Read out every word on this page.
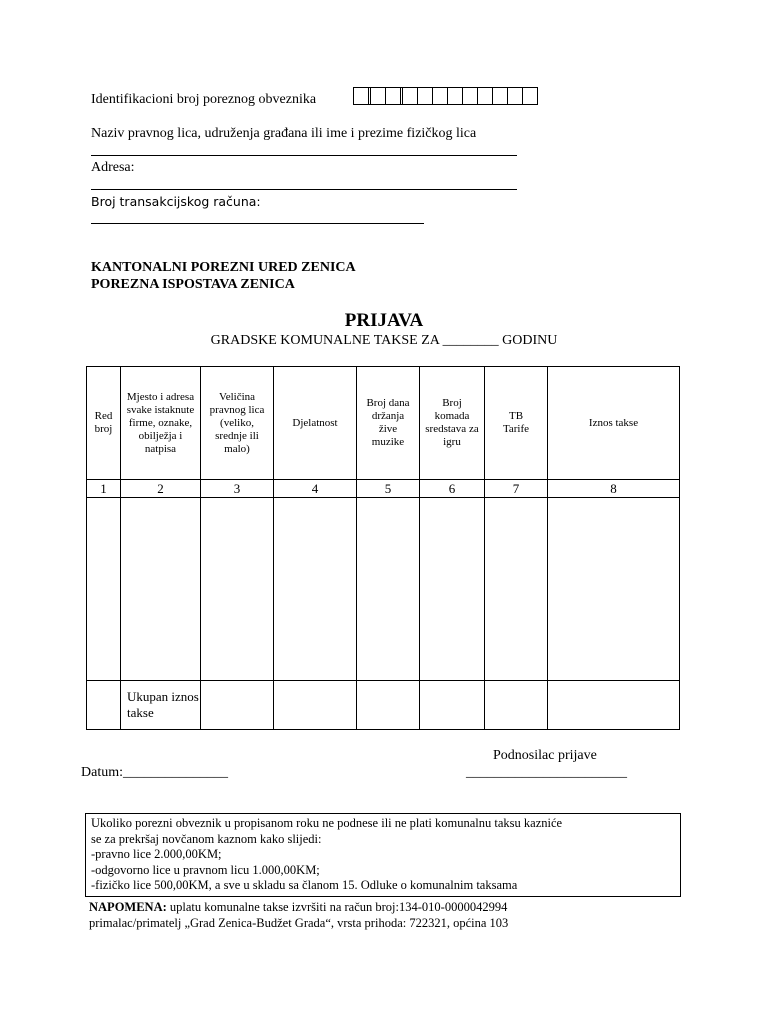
Identifikacioni broj poreznog obveznika
Naziv pravnog lica, udruženja građana ili ime i prezime fizičkog lica
Adresa:
Broj transakcijskog računa:
KANTONALNI POREZNI URED ZENICA
POREZNA ISPOSTAVA ZENICA
PRIJAVA
GRADSKE KOMUNALNE TAKSE ZA ________ GODINU
Red broj	Mjesto i adresa svake istaknute firme, oznake, obilježja i natpisa	Veličina pravnog lica (veliko, srednje ili malo)	Djelatnost	Broj dana držanja žive muzike	Broj komada sredstava za igru	TB Tarife	Iznos takse
1	2	3	4	5	6	7	8

	Ukupan iznos takse						
Podnosilac prijave
Datum:_______________	_______________________
Ukoliko porezni obveznik u propisanom roku ne podnese ili ne plati komunalnu taksu kazniće
se za prekršaj novčanom kaznom kako slijedi:
-pravno lice 2.000,00KM;
-odgovorno lice u pravnom licu 1.000,00KM;
-fizičko lice 500,00KM, a sve u skladu sa članom 15. Odluke o komunalnim taksama
NAPOMENA: uplatu komunalne takse izvršiti na račun broj:134-010-0000042994
primalac/primatelj „Grad Zenica-Budžet Grada“, vrsta prihoda: 722321, općina 103
